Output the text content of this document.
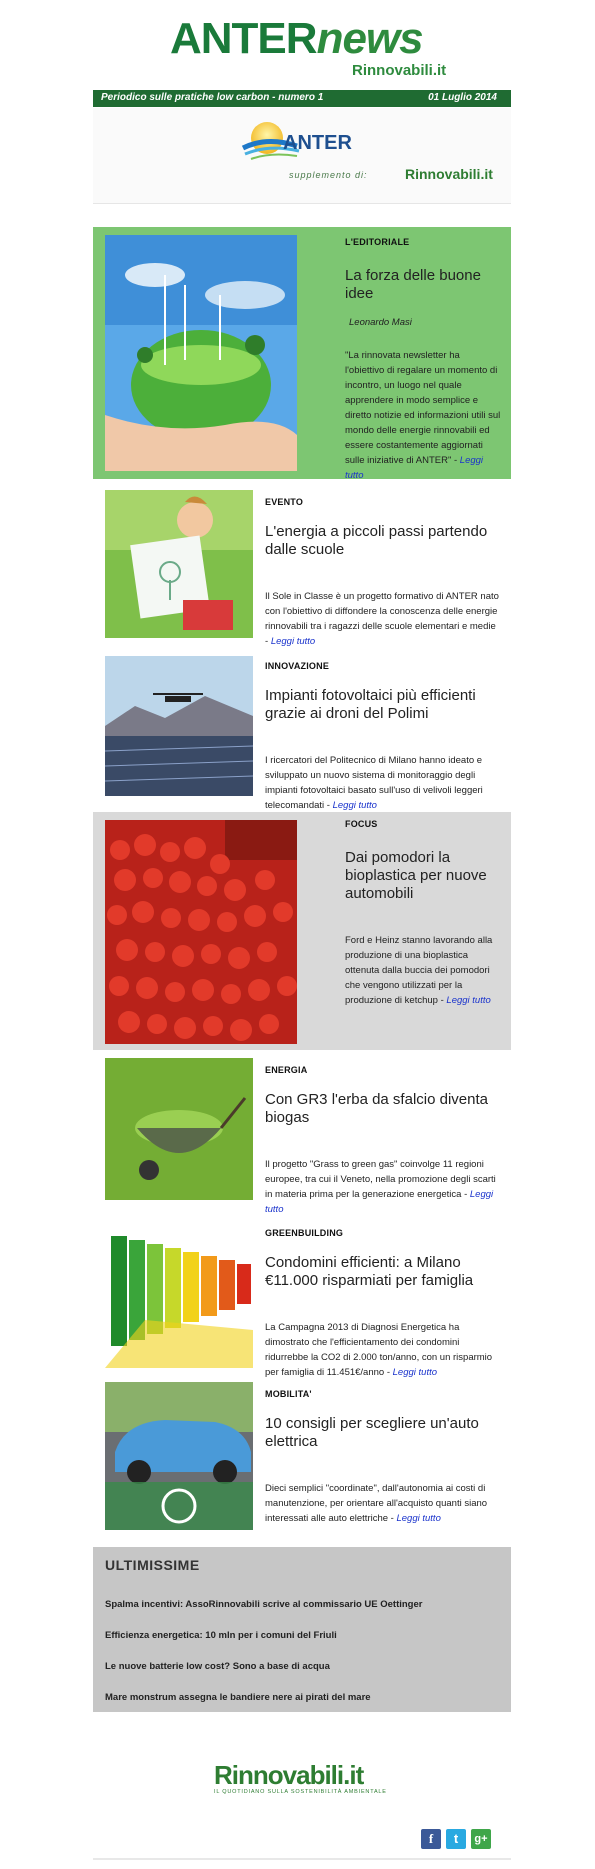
ANTERnews
Rinnovabili.it
Periodico sulle pratiche low carbon - numero 1	01 Luglio 2014
ANTER
supplemento di:	Rinnovabili.it
L'EDITORIALE
La forza delle buone idee
Leonardo Masi
"La rinnovata newsletter ha l'obiettivo di regalare un momento di incontro, un luogo nel quale apprendere in modo semplice e diretto notizie ed informazioni utili sul mondo delle energie rinnovabili ed essere costantemente aggiornati sulle iniziative di ANTER" - Leggi tutto
EVENTO
L'energia a piccoli passi partendo dalle scuole
Il Sole in Classe è un progetto formativo di ANTER nato con l'obiettivo di diffondere la conoscenza delle energie rinnovabili tra i ragazzi delle scuole elementari e medie - Leggi tutto
INNOVAZIONE
Impianti fotovoltaici più efficienti grazie ai droni del Polimi
I ricercatori del Politecnico di Milano hanno ideato e sviluppato un nuovo sistema di monitoraggio degli impianti fotovoltaici basato sull'uso di velivoli leggeri telecomandati - Leggi tutto
FOCUS
Dai pomodori la bioplastica per nuove automobili
Ford e Heinz stanno lavorando alla produzione di una bioplastica ottenuta dalla buccia dei pomodori che vengono utilizzati per la produzione di ketchup - Leggi tutto
ENERGIA
Con GR3 l'erba da sfalcio diventa biogas
Il progetto "Grass to green gas" coinvolge 11 regioni europee, tra cui il Veneto, nella promozione degli scarti in materia prima per la generazione energetica - Leggi tutto
GREENBUILDING
Condomini efficienti: a Milano €11.000 risparmiati per famiglia
La Campagna 2013 di Diagnosi Energetica ha dimostrato che l'efficientamento dei condomini ridurrebbe la CO2 di 2.000 ton/anno, con un risparmio per famiglia di 11.451€/anno - Leggi tutto
MOBILITA'
10 consigli per scegliere un'auto elettrica
Dieci semplici "coordinate", dall'autonomia ai costi di manutenzione, per orientare all'acquisto quanti siano interessati alle auto elettriche - Leggi tutto
ULTIMISSIME
Spalma incentivi: AssoRinnovabili scrive al commissario UE Oettinger
Efficienza energetica: 10 mln per i comuni del Friuli
Le nuove batterie low cost? Sono a base di acqua
Mare monstrum assegna le bandiere nere ai pirati del mare
Rinnovabili.it
IL QUOTIDIANO SULLA SOSTENIBILITÀ AMBIENTALE
f	t	g+
